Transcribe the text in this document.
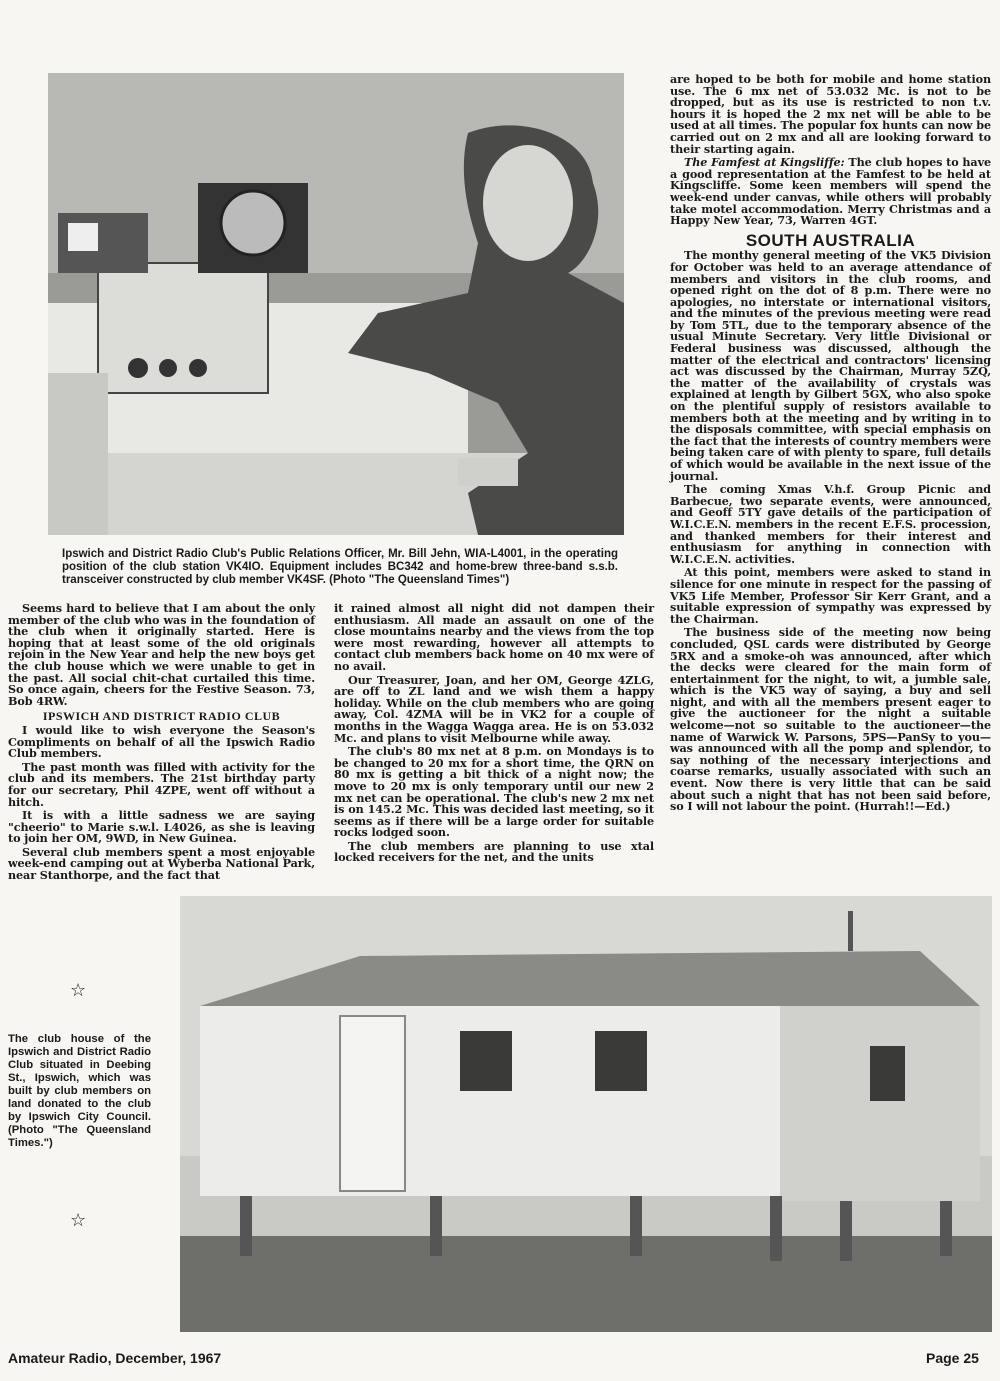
Ipswich and District Radio Club's Public Relations Officer, Mr. Bill Jehn, WIA-L4001, in the operating position of the club station VK4IO. Equipment includes BC342 and home-brew three-band s.s.b. transceiver constructed by club member VK4SF. (Photo "The Queensland Times")

Seems hard to believe that I am about the only member of the club who was in the foundation of the club when it originally started. Here is hoping that at least some of the old originals rejoin in the New Year and help the new boys get the club house which we were unable to get in the past. All social chit-chat curtailed this time. So once again, cheers for the Festive Season. 73, Bob 4RW.

IPSWICH AND DISTRICT RADIO CLUB

I would like to wish everyone the Season's Compliments on behalf of all the Ipswich Radio Club members.

The past month was filled with activity for the club and its members. The 21st birthday party for our secretary, Phil 4ZPE, went off without a hitch.

It is with a little sadness we are saying "cheerio" to Marie s.w.l. L4026, as she is leaving to join her OM, 9WD, in New Guinea.

Several club members spent a most enjoyable week-end camping out at Wyberba National Park, near Stanthorpe, and the fact that

it rained almost all night did not dampen their enthusiasm. All made an assault on one of the close mountains nearby and the views from the top were most rewarding, however all attempts to contact club members back home on 40 mx were of no avail.

Our Treasurer, Joan, and her OM, George 4ZLG, are off to ZL land and we wish them a happy holiday. While on the club members who are going away, Col. 4ZMA will be in VK2 for a couple of months in the Wagga Wagga area. He is on 53.032 Mc. and plans to visit Melbourne while away.

The club's 80 mx net at 8 p.m. on Mondays is to be changed to 20 mx for a short time, the QRN on 80 mx is getting a bit thick of a night now; the move to 20 mx is only temporary until our new 2 mx net can be operational. The club's new 2 mx net is on 145.2 Mc. This was decided last meeting, so it seems as if there will be a large order for suitable rocks lodged soon.

The club members are planning to use xtal locked receivers for the net, and the units

are hoped to be both for mobile and home station use. The 6 mx net of 53.032 Mc. is not to be dropped, but as its use is restricted to non t.v. hours it is hoped the 2 mx net will be able to be used at all times. The popular fox hunts can now be carried out on 2 mx and all are looking forward to their starting again.

The Famfest at Kingsliffe: The club hopes to have a good representation at the Famfest to be held at Kingscliffe. Some keen members will spend the week-end under canvas, while others will probably take motel accommodation. Merry Christmas and a Happy New Year, 73, Warren 4GT.

SOUTH AUSTRALIA

The monthy general meeting of the VK5 Division for October was held to an average attendance of members and visitors in the club rooms, and opened right on the dot of 8 p.m. There were no apologies, no interstate or international visitors, and the minutes of the previous meeting were read by Tom 5TL, due to the temporary absence of the usual Minute Secretary. Very little Divisional or Federal business was discussed, although the matter of the electrical and contractors' licensing act was discussed by the Chairman, Murray 5ZQ, the matter of the availability of crystals was explained at length by Gilbert 5GX, who also spoke on the plentiful supply of resistors available to members both at the meeting and by writing in to the disposals committee, with special emphasis on the fact that the interests of country members were being taken care of with plenty to spare, full details of which would be available in the next issue of the journal.

The coming Xmas V.h.f. Group Picnic and Barbecue, two separate events, were announced, and Geoff 5TY gave details of the participation of W.I.C.E.N. members in the recent E.F.S. procession, and thanked members for their interest and enthusiasm for anything in connection with W.I.C.E.N. activities.

At this point, members were asked to stand in silence for one minute in respect for the passing of VK5 Life Member, Professor Sir Kerr Grant, and a suitable expression of sympathy was expressed by the Chairman.

The business side of the meeting now being concluded, QSL cards were distributed by George 5RX and a smoke-oh was announced, after which the decks were cleared for the main form of entertainment for the night, to wit, a jumble sale, which is the VK5 way of saying, a buy and sell night, and with all the members present eager to give the auctioneer for the night a suitable welcome—not so suitable to the auctioneer—the name of Warwick W. Parsons, 5PS—PanSy to you—was announced with all the pomp and splendor, to say nothing of the necessary interjections and coarse remarks, usually associated with such an event. Now there is very little that can be said about such a night that has not been said before, so I will not labour the point. (Hurrah!!—Ed.)

☆
The club house of the Ipswich and District Radio Club situated in Deebing St., Ipswich, which was built by club members on land donated to the club by Ipswich City Council. (Photo "The Queensland Times.")
☆
Amateur Radio, December, 1967	Page 25
